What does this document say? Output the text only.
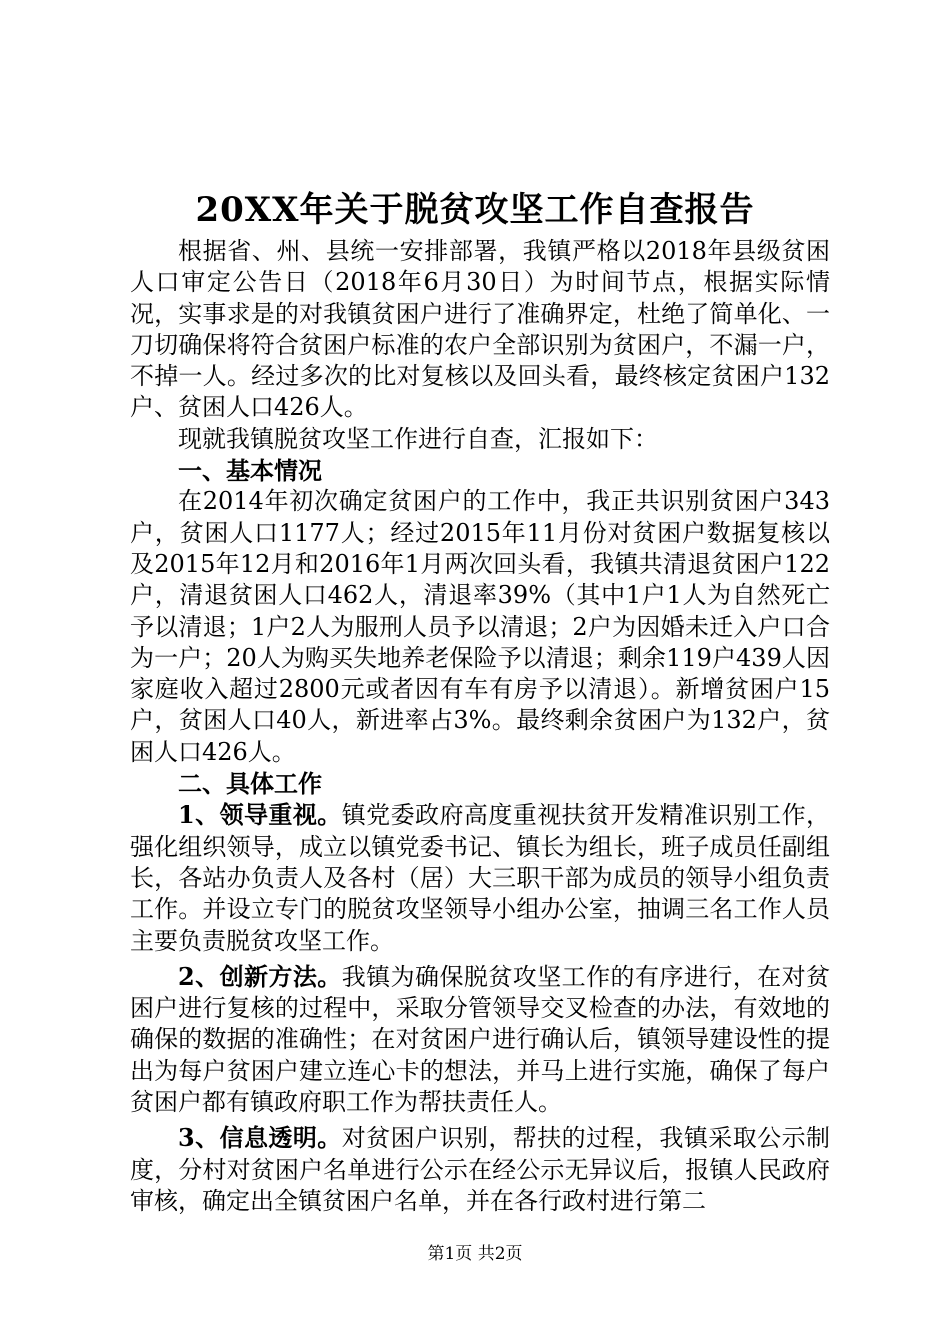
20XX年关于脱贫攻坚工作自查报告

根据省、州、县统一安排部署，我镇严格以2018年县级贫困人口审定公告日（2018年6月30日）为时间节点，根据实际情况，实事求是的对我镇贫困户进行了准确界定，杜绝了简单化、一刀切确保将符合贫困户标准的农户全部识别为贫困户，不漏一户，不掉一人。经过多次的比对复核以及回头看，最终核定贫困户132户、贫困人口426人。

现就我镇脱贫攻坚工作进行自查，汇报如下：

一、基本情况

在2014年初次确定贫困户的工作中，我正共识别贫困户343户，贫困人口1177人；经过2015年11月份对贫困户数据复核以及2015年12月和2016年1月两次回头看，我镇共清退贫困户122户，清退贫困人口462人，清退率39%（其中1户1人为自然死亡予以清退；1户2人为服刑人员予以清退；2户为因婚未迁入户口合为一户；20人为购买失地养老保险予以清退；剩余119户439人因家庭收入超过2800元或者因有车有房予以清退）。新增贫困户15户，贫困人口40人，新进率占3%。最终剩余贫困户为132户，贫困人口426人。

二、具体工作

1、领导重视。镇党委政府高度重视扶贫开发精准识别工作，强化组织领导，成立以镇党委书记、镇长为组长，班子成员任副组长，各站办负责人及各村（居）大三职干部为成员的领导小组负责工作。并设立专门的脱贫攻坚领导小组办公室，抽调三名工作人员主要负责脱贫攻坚工作。

2、创新方法。我镇为确保脱贫攻坚工作的有序进行，在对贫困户进行复核的过程中，采取分管领导交叉检查的办法，有效地的确保的数据的准确性；在对贫困户进行确认后，镇领导建设性的提出为每户贫困户建立连心卡的想法，并马上进行实施，确保了每户贫困户都有镇政府职工作为帮扶责任人。

3、信息透明。对贫困户识别，帮扶的过程，我镇采取公示制度，分村对贫困户名单进行公示在经公示无异议后，报镇人民政府审核，确定出全镇贫困户名单，并在各行政村进行第二

第1页 共2页
